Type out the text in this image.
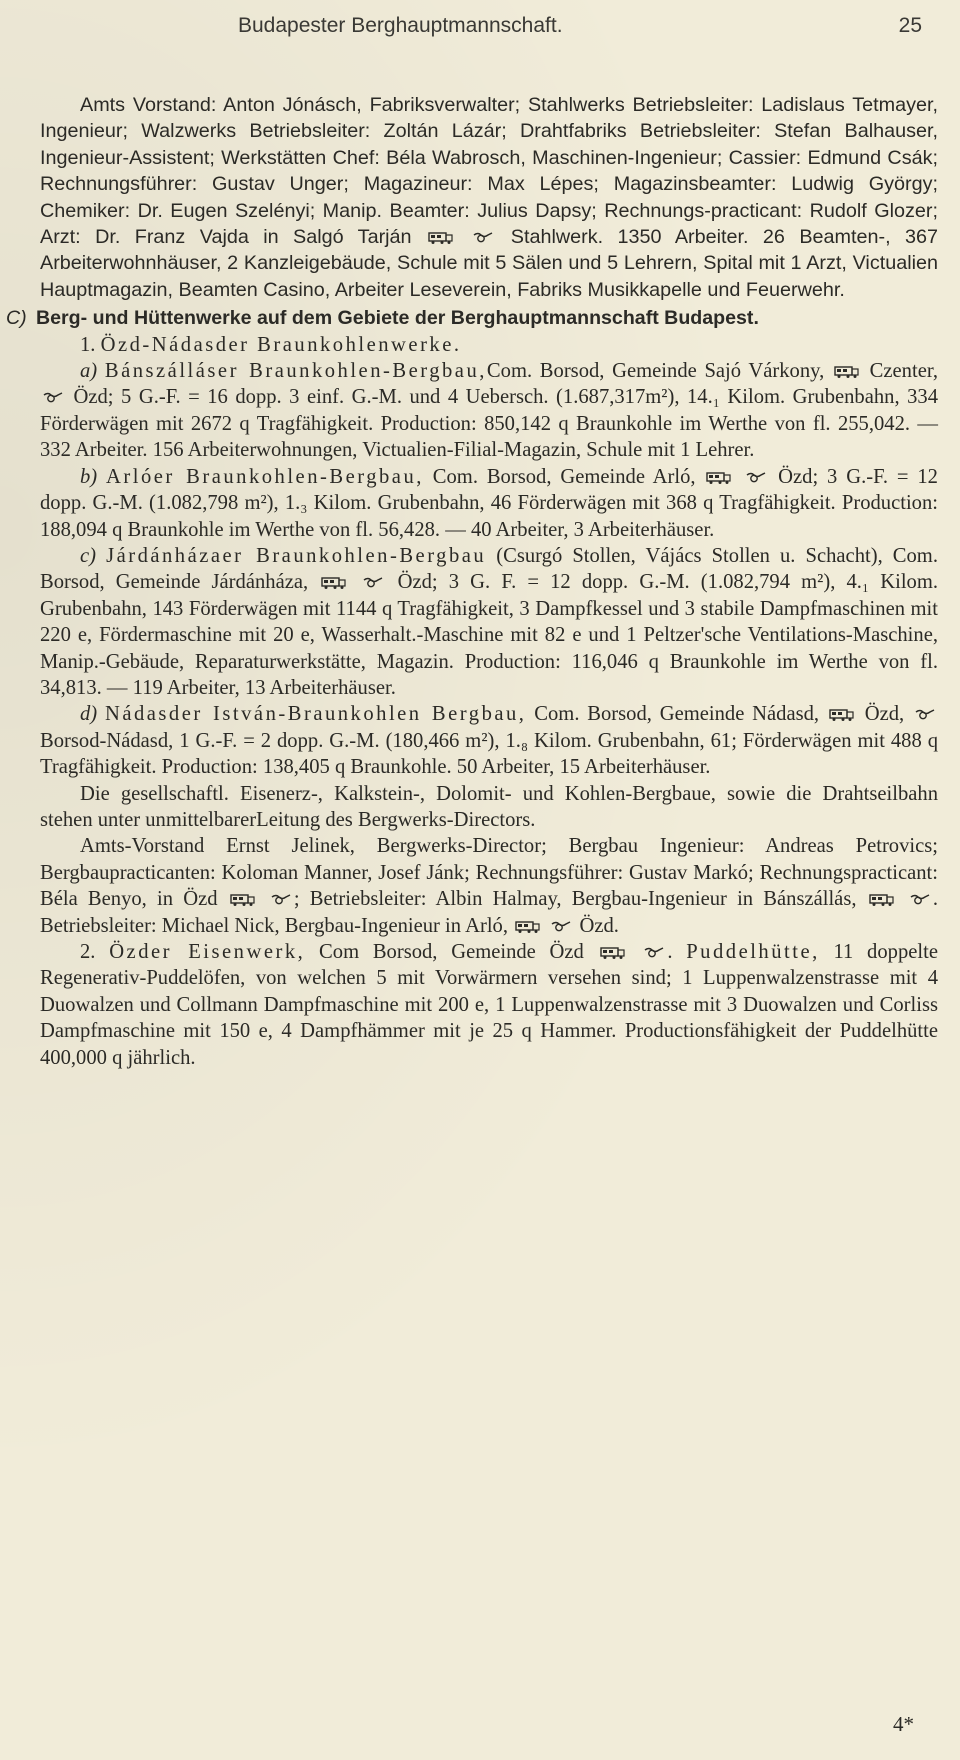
Budapester Berghauptmannschaft.	25

Amts Vorstand: Anton Jónásch, Fabriksverwalter; Stahlwerks Betriebsleiter: Ladislaus Tetmayer, Ingenieur; Walzwerks Betriebsleiter: Zoltán Lázár; Drahtfabriks Betriebsleiter: Stefan Balhauser, Ingenieur-Assistent; Werkstätten Chef: Béla Wabrosch, Maschinen-Ingenieur; Cassier: Edmund Csák; Rechnungsführer: Gustav Unger; Magazineur: Max Lépes; Magazinsbeamter: Ludwig György; Chemiker: Dr. Eugen Szelényi; Manip. Beamter: Julius Dapsy; Rechnungs-practicant: Rudolf Glozer; Arzt: Dr. Franz Vajda in Salgó Tarján	Stahlwerk. 1350 Arbeiter. 26 Beamten-, 367 Arbeiterwohnhäuser, 2 Kanzleigebäude, Schule mit 5 Sälen und 5 Lehrern, Spital mit 1 Arzt, Victualien Hauptmagazin, Beamten Casino, Arbeiter Leseverein, Fabriks Musikkapelle und Feuerwehr.

C) Berg- und Hüttenwerke auf dem Gebiete der Berghauptmannschaft Budapest.

1. Özd-Nádasder Braunkohlenwerke.

a) Bánszálláser Braunkohlen-Bergbau,Com. Borsod, Gemeinde Sajó Várkony, Czenter,  Özd; 5 G.-F. = 16 dopp. 3 einf. G.-M. und 4 Uebersch. (1.687,317m²), 14.₁ Kilom. Grubenbahn, 334 Förderwägen mit 2672 q Tragfähigkeit. Production: 850,142 q Braunkohle im Werthe von fl. 255,042. — 332 Arbeiter. 156 Arbeiterwohnungen, Victualien-Filial-Magazin, Schule mit 1 Lehrer.

b) Arlóer Braunkohlen-Bergbau, Com. Borsod, Gemeinde Arló,	Özd; 3 G.-F. = 12 dopp. G.-M. (1.082,798 m²), 1.₃ Kilom. Grubenbahn, 46 Förderwägen mit 368 q Tragfähigkeit. Production: 188,094 q Braunkohle im Werthe von fl. 56,428. — 40 Arbeiter, 3 Arbeiterhäuser.

c) Járdánházaer Braunkohlen-Bergbau (Csurgó Stollen, Vájács Stollen u. Schacht), Com. Borsod, Gemeinde Járdánháza,	Özd; 3 G. F. = 12 dopp. G.-M. (1.082,794 m²), 4.₁ Kilom. Grubenbahn, 143 Förderwägen mit 1144 q Tragfähigkeit, 3 Dampfkessel und 3 stabile Dampfmaschinen mit 220 e, Fördermaschine mit 20 e, Wasserhalt.-Maschine mit 82 e und 1 Peltzer'sche Ventilations-Maschine, Manip.-Gebäude, Reparaturwerkstätte, Magazin. Production: 116,046 q Braunkohle im Werthe von fl. 34,813. — 119 Arbeiter, 13 Arbeiterhäuser.

d) Nádasder István-Braunkohlen Bergbau, Com. Borsod, Gemeinde Nádasd, Özd,  Borsod-Nádasd, 1 G.-F. = 2 dopp. G.-M. (180,466 m²), 1.₈ Kilom. Grubenbahn, 61; Förderwägen mit 488 q Tragfähigkeit. Production: 138,405 q Braunkohle. 50 Arbeiter, 15 Arbeiterhäuser.

Die gesellschaftl. Eisenerz-, Kalkstein-, Dolomit- und Kohlen-Bergbaue, sowie die Drahtseilbahn stehen unter unmittelbarerLeitung des Bergwerks-Directors.

Amts-Vorstand Ernst Jelinek, Bergwerks-Director; Bergbau Ingenieur: Andreas Petrovics; Bergbaupracticanten: Koloman Manner, Josef Jánk; Rechnungsführer: Gustav Markó; Rechnungspracticant: Béla Benyo, in Özd	; Betriebsleiter: Albin Halmay, Bergbau-Ingenieur in Bánszállás,	. Betriebsleiter: Michael Nick, Bergbau-Ingenieur in Arló,	Özd.

2. Özder Eisenwerk, Com Borsod, Gemeinde Özd	. Puddelhütte, 11 doppelte Regenerativ-Puddelöfen, von welchen 5 mit Vorwärmern versehen sind; 1 Luppenwalzenstrasse mit 4 Duowalzen und Collmann Dampfmaschine mit 200 e, 1 Luppenwalzenstrasse mit 3 Duowalzen und Corliss Dampfmaschine mit 150 e, 4 Dampfhämmer mit je 25 q Hammer. Productionsfähigkeit der Puddelhütte 400,000 q jährlich.

4*
